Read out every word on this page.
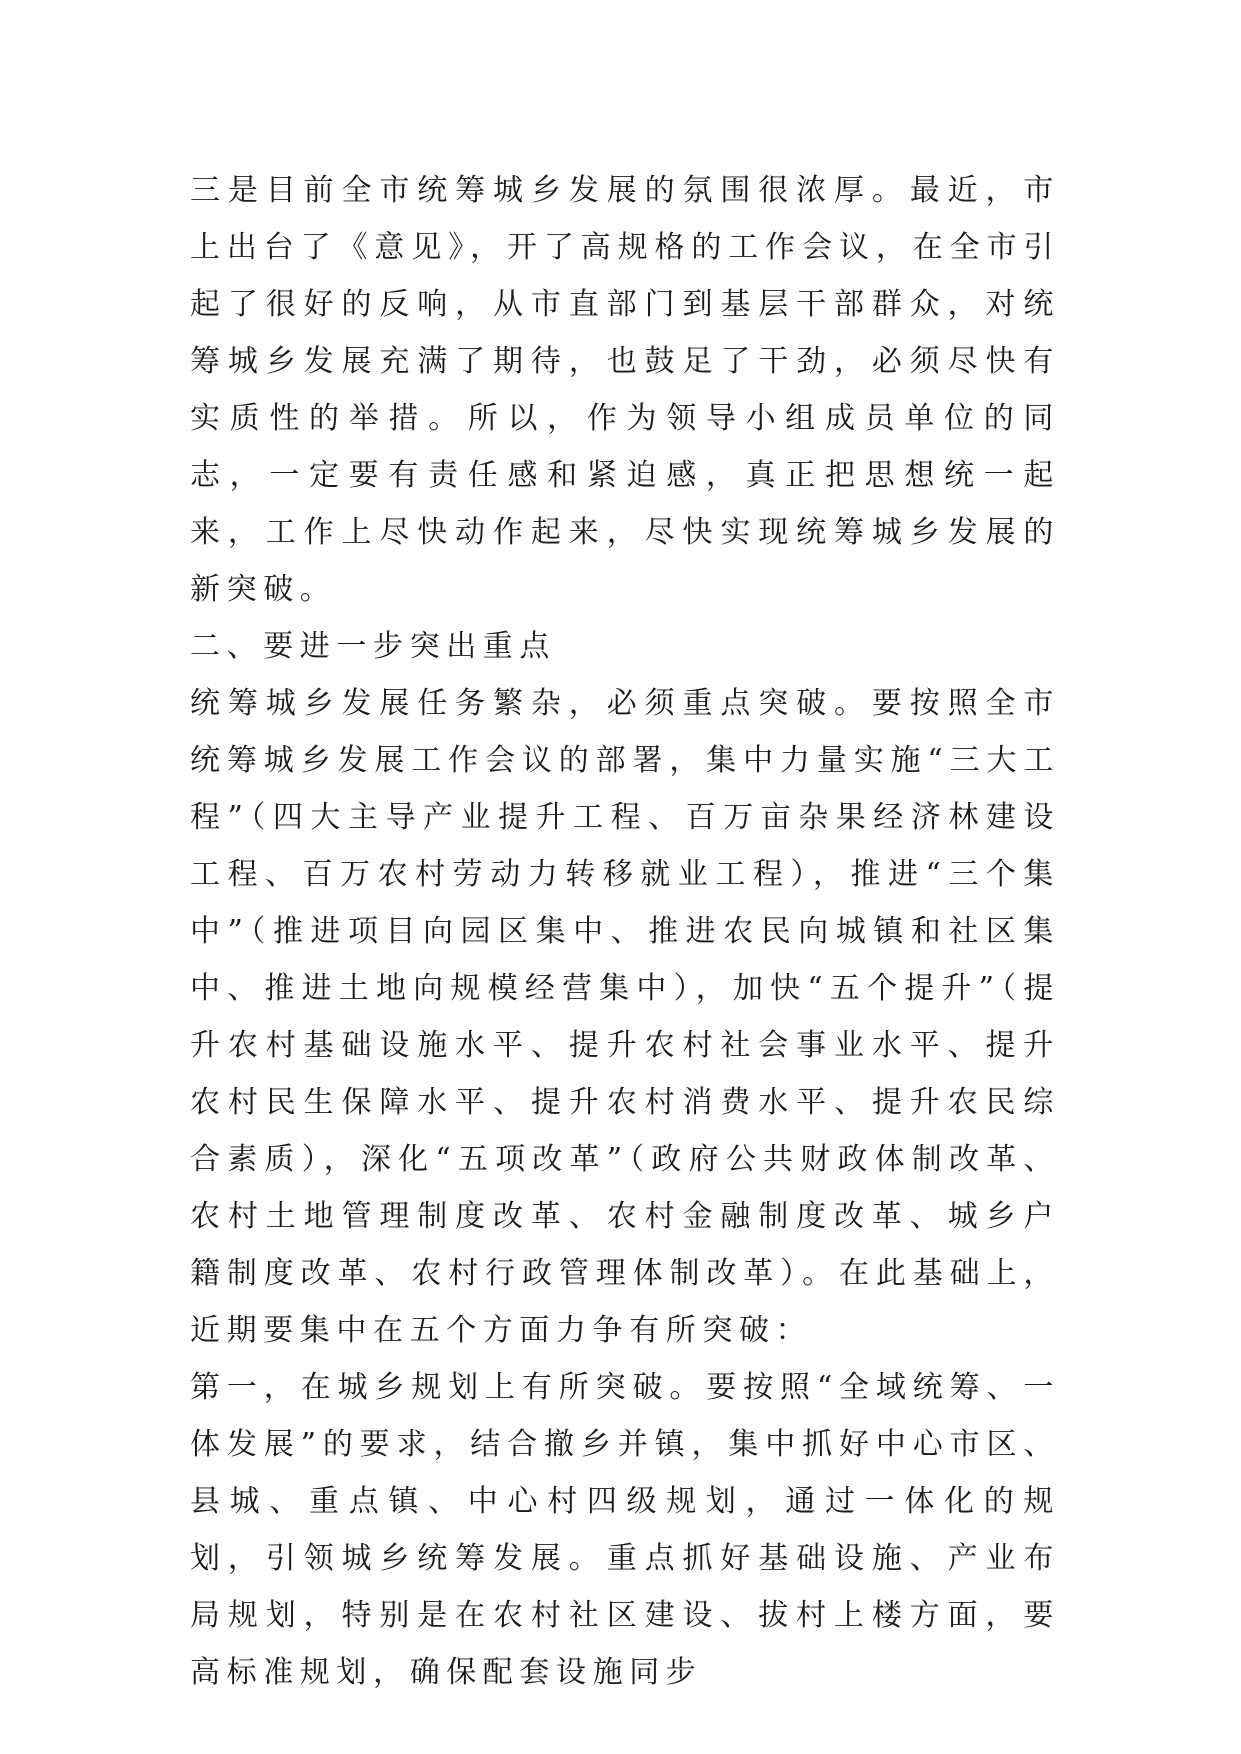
三是目前全市统筹城乡发展的氛围很浓厚。最近，市上出台了《意见》，开了高规格的工作会议，在全市引起了很好的反响，从市直部门到基层干部群众，对统筹城乡发展充满了期待，也鼓足了干劲，必须尽快有实质性的举措。所以，作为领导小组成员单位的同志，一定要有责任感和紧迫感，真正把思想统一起来，工作上尽快动作起来，尽快实现统筹城乡发展的新突破。

二、要进一步突出重点

统筹城乡发展任务繁杂，必须重点突破。要按照全市统筹城乡发展工作会议的部署，集中力量实施“三大工程”（四大主导产业提升工程、百万亩杂果经济林建设工程、百万农村劳动力转移就业工程），推进“三个集中”（推进项目向园区集中、推进农民向城镇和社区集中、推进土地向规模经营集中），加快“五个提升”（提升农村基础设施水平、提升农村社会事业水平、提升农村民生保障水平、提升农村消费水平、提升农民综合素质），深化“五项改革”（政府公共财政体制改革、农村土地管理制度改革、农村金融制度改革、城乡户籍制度改革、农村行政管理体制改革）。在此基础上，近期要集中在五个方面力争有所突破：

第一，在城乡规划上有所突破。要按照“全域统筹、一体发展”的要求，结合撤乡并镇，集中抓好中心市区、县城、重点镇、中心村四级规划，通过一体化的规划，引领城乡统筹发展。重点抓好基础设施、产业布局规划，特别是在农村社区建设、拔村上楼方面，要高标准规划，确保配套设施同步
